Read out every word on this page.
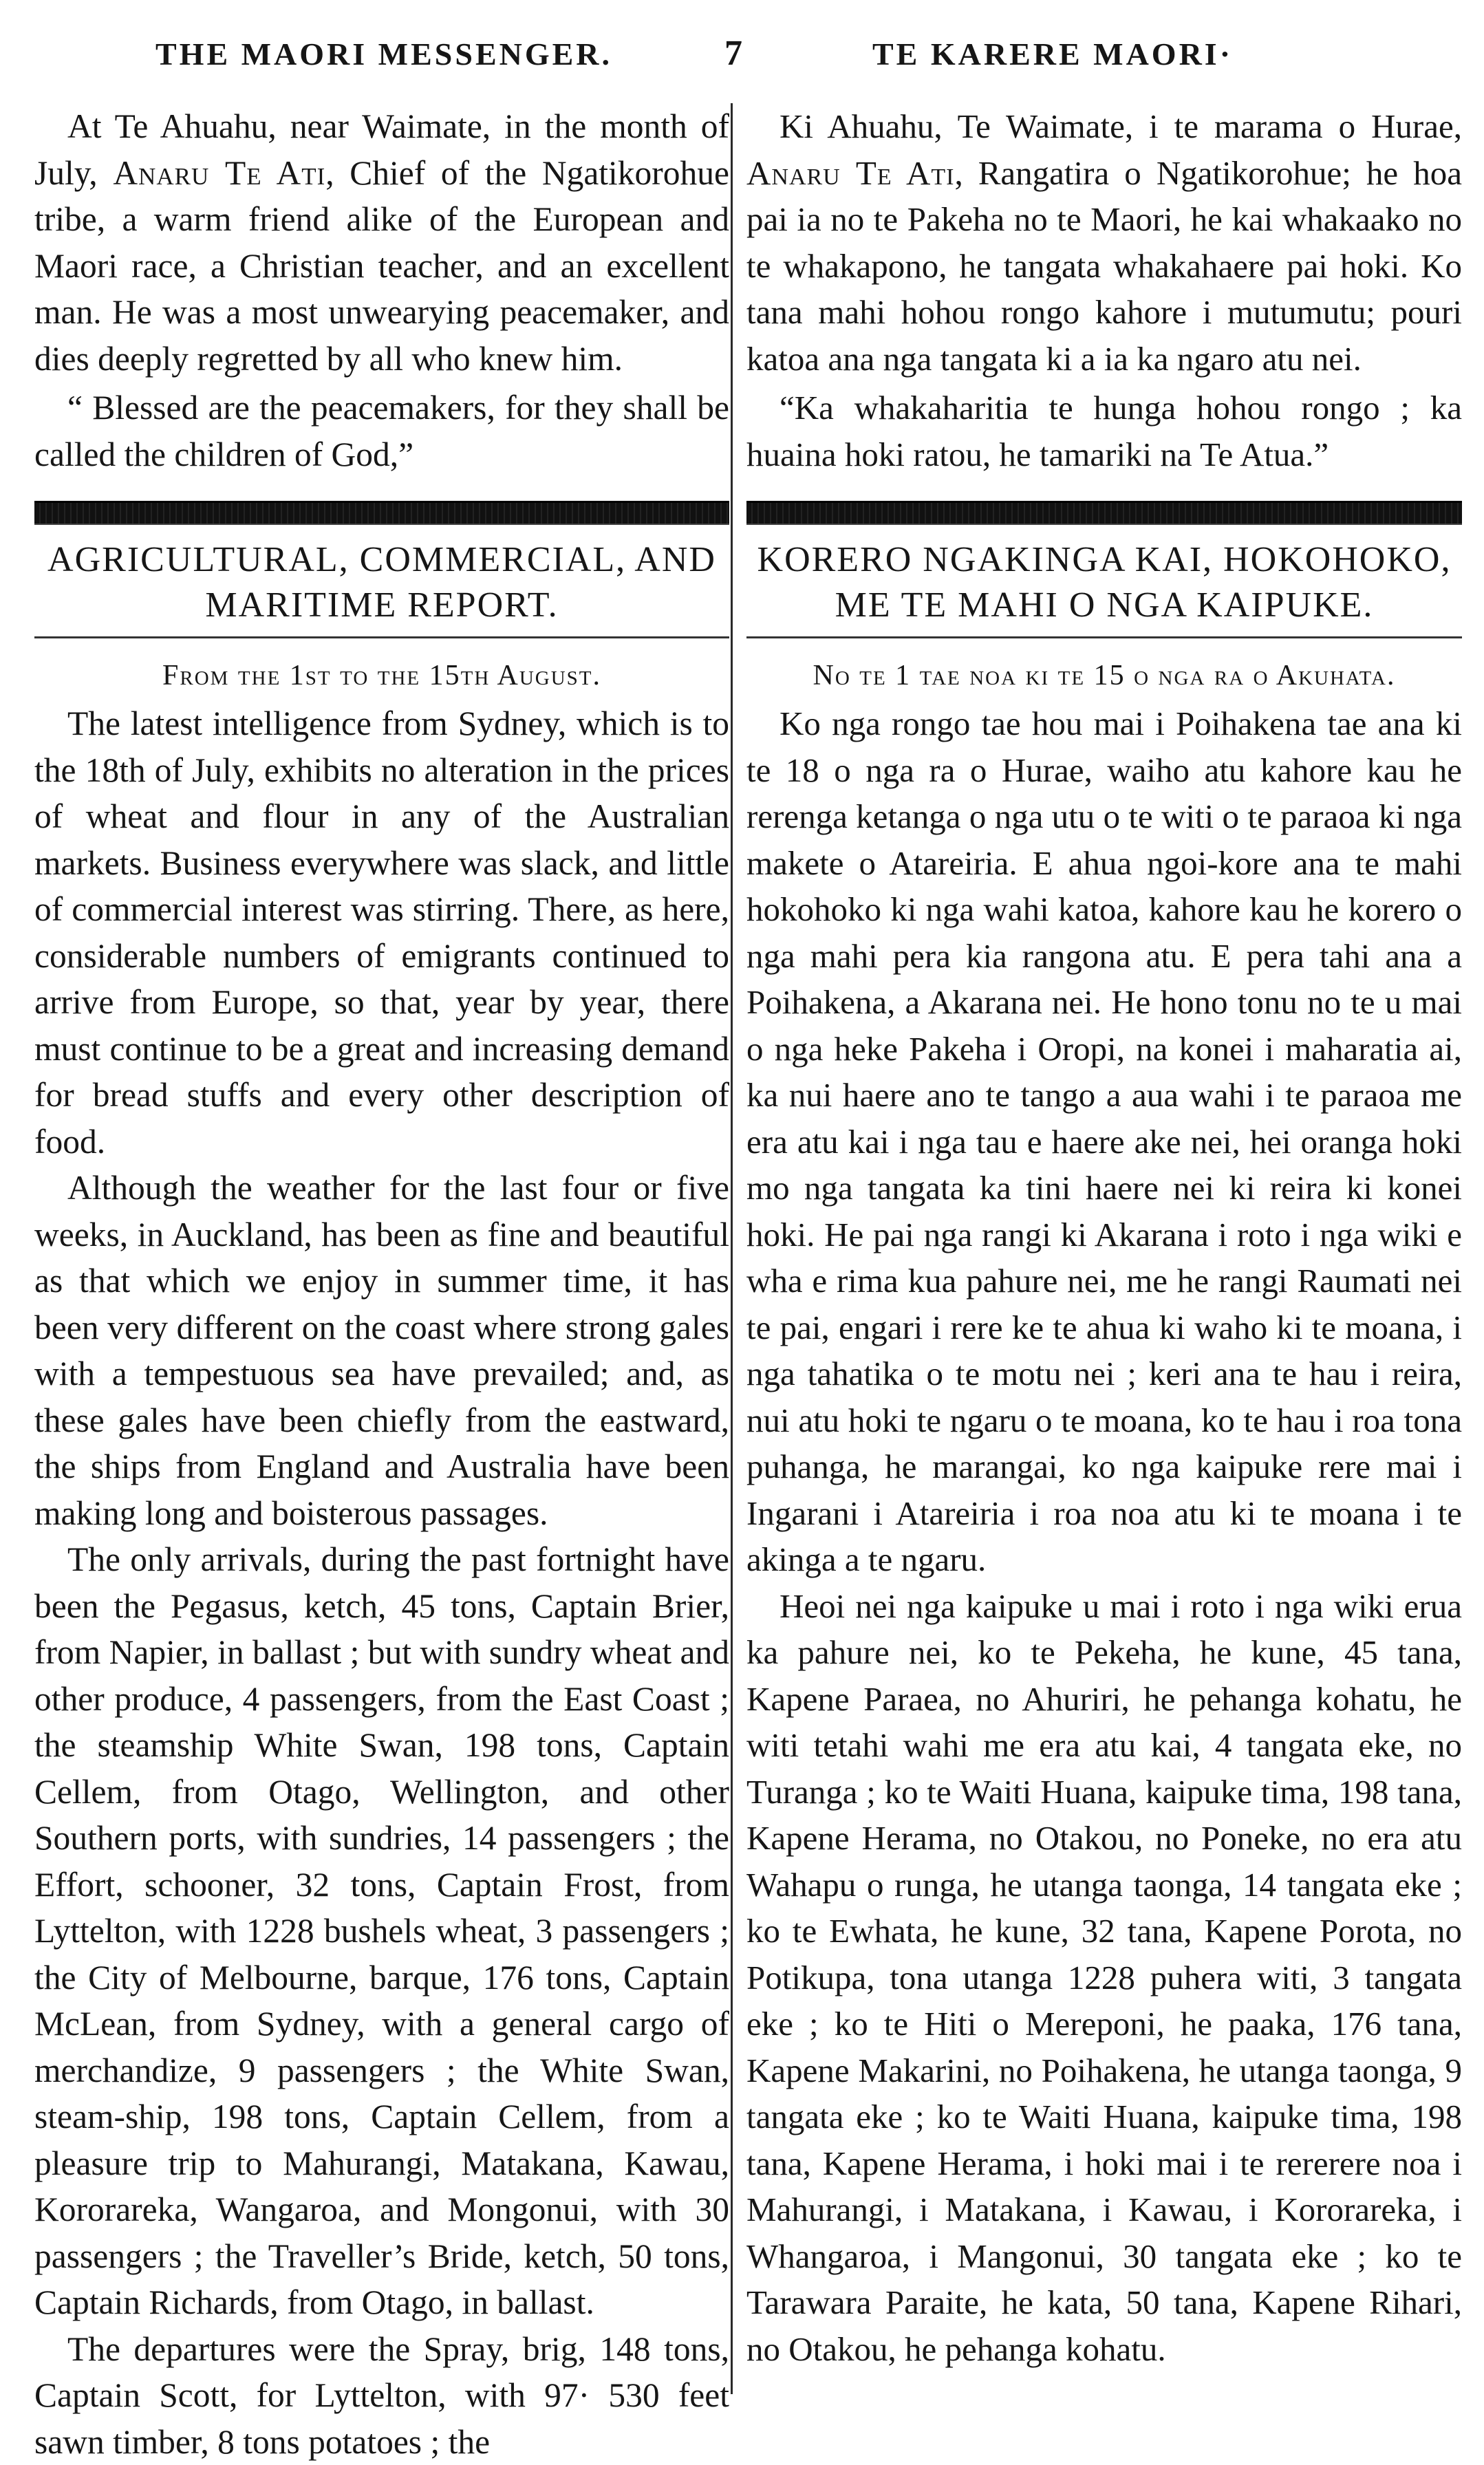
THE MAORI MESSENGER.	7	TE KARERE MAORI·

At Te Ahuahu, near Waimate, in the month of July, Anaru Te Ati, Chief of the Ngatikorohue tribe, a warm friend alike of the European and Maori race, a Christian teacher, and an excellent man. He was a most unwearying peacemaker, and dies deeply regretted by all who knew him.

“ Blessed are the peacemakers, for they shall be called the children of God,”

AGRICULTURAL, COMMERCIAL, AND MARITIME REPORT.
From the 1st to the 15th August.

The latest intelligence from Sydney, which is to the 18th of July, exhibits no alteration in the prices of wheat and flour in any of the Australian markets. Business everywhere was slack, and little of commercial interest was stirring. There, as here, considerable numbers of emigrants continued to arrive from Europe, so that, year by year, there must continue to be a great and increasing demand for bread stuffs and every other description of food.

Although the weather for the last four or five weeks, in Auckland, has been as fine and beautiful as that which we enjoy in summer time, it has been very different on the coast where strong gales with a tempestuous sea have prevailed; and, as these gales have been chiefly from the eastward, the ships from England and Australia have been making long and boisterous passages.

The only arrivals, during the past fortnight have been the Pegasus, ketch, 45 tons, Captain Brier, from Napier, in ballast ; but with sundry wheat and other produce, 4 passengers, from the East Coast ; the steamship White Swan, 198 tons, Captain Cellem, from Otago, Wellington, and other Southern ports, with sundries, 14 passengers ; the Effort, schooner, 32 tons, Captain Frost, from Lyttelton, with 1228 bushels wheat, 3 passengers ; the City of Melbourne, barque, 176 tons, Captain McLean, from Sydney, with a general cargo of merchandize, 9 passengers ; the White Swan, steam-ship, 198 tons, Captain Cellem, from a pleasure trip to Mahurangi, Matakana, Kawau, Kororareka, Wangaroa, and Mongonui, with 30 passengers ; the Traveller’s Bride, ketch, 50 tons, Captain Richards, from Otago, in ballast.

The departures were the Spray, brig, 148 tons, Captain Scott, for Lyttelton, with 97· 530 feet sawn timber, 8 tons potatoes ; the

Ki Ahuahu, Te Waimate, i te marama o Hurae, Anaru Te Ati, Rangatira o Ngatikorohue; he hoa pai ia no te Pakeha no te Maori, he kai whakaako no te whakapono, he tangata whakahaere pai hoki. Ko tana mahi hohou rongo kahore i mutumutu; pouri katoa ana nga tangata ki a ia ka ngaro atu nei.

“Ka whakaharitia te hunga hohou rongo ; ka huaina hoki ratou, he tamariki na Te Atua.”

KORERO NGAKINGA KAI, HOKOHOKO, ME TE MAHI O NGA KAIPUKE.
No te 1 tae noa ki te 15 o nga ra o Akuhata.

Ko nga rongo tae hou mai i Poihakena tae ana ki te 18 o nga ra o Hurae, waiho atu kahore kau he rerenga ketanga o nga utu o te witi o te paraoa ki nga makete o Atareiria. E ahua ngoi-kore ana te mahi hokohoko ki nga wahi katoa, kahore kau he korero o nga mahi pera kia rangona atu. E pera tahi ana a Poihakena, a Akarana nei. He hono tonu no te u mai o nga heke Pakeha i Oropi, na konei i maharatia ai, ka nui haere ano te tango a aua wahi i te paraoa me era atu kai i nga tau e haere ake nei, hei oranga hoki mo nga tangata ka tini haere nei ki reira ki konei hoki. He pai nga rangi ki Akarana i roto i nga wiki e wha e rima kua pahure nei, me he rangi Raumati nei te pai, engari i rere ke te ahua ki waho ki te moana, i nga tahatika o te motu nei ; keri ana te hau i reira, nui atu hoki te ngaru o te moana, ko te hau i roa tona puhanga, he marangai, ko nga kaipuke rere mai i Ingarani i Atareiria i roa noa atu ki te moana i te akinga a te ngaru.

Heoi nei nga kaipuke u mai i roto i nga wiki erua ka pahure nei, ko te Pekeha, he kune, 45 tana, Kapene Paraea, no Ahuriri, he pehanga kohatu, he witi tetahi wahi me era atu kai, 4 tangata eke, no Turanga ; ko te Waiti Huana, kaipuke tima, 198 tana, Kapene Herama, no Otakou, no Poneke, no era atu Wahapu o runga, he utanga taonga, 14 tangata eke ; ko te Ewhata, he kune, 32 tana, Kapene Porota, no Potikupa, tona utanga 1228 puhera witi, 3 tangata eke ; ko te Hiti o Mereponi, he paaka, 176 tana, Kapene Makarini, no Poihakena, he utanga taonga, 9 tangata eke ; ko te Waiti Huana, kaipuke tima, 198 tana, Kapene Herama, i hoki mai i te rererere noa i Mahurangi, i Matakana, i Kawau, i Kororareka, i Whangaroa, i Mangonui, 30 tangata eke ; ko te Tarawara Paraite, he kata, 50 tana, Kapene Rihari, no Otakou, he pehanga kohatu.
